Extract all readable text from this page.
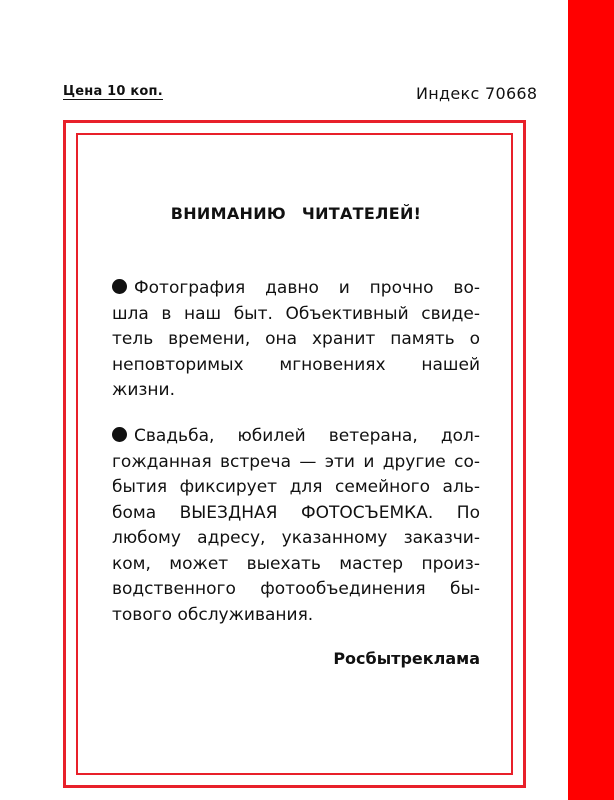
Цена 10 коп.	Индекс 70668
ВНИМАНИЮ ЧИТАТЕЛЕЙ!
Фотография давно и прочно во-
шла в наш быт. Объективный свиде-
тель времени, она хранит память о
неповторимых мгновениях нашей
жизни.
Свадьба, юбилей ветерана, дол-
гожданная встреча — эти и другие со-
бытия фиксирует для семейного аль-
бома ВЫЕЗДНАЯ ФОТОСЪЕМКА. По
любому адресу, указанному заказчи-
ком, может выехать мастер произ-
водственного фотообъединения бы-
тового обслуживания.
Росбытреклама
